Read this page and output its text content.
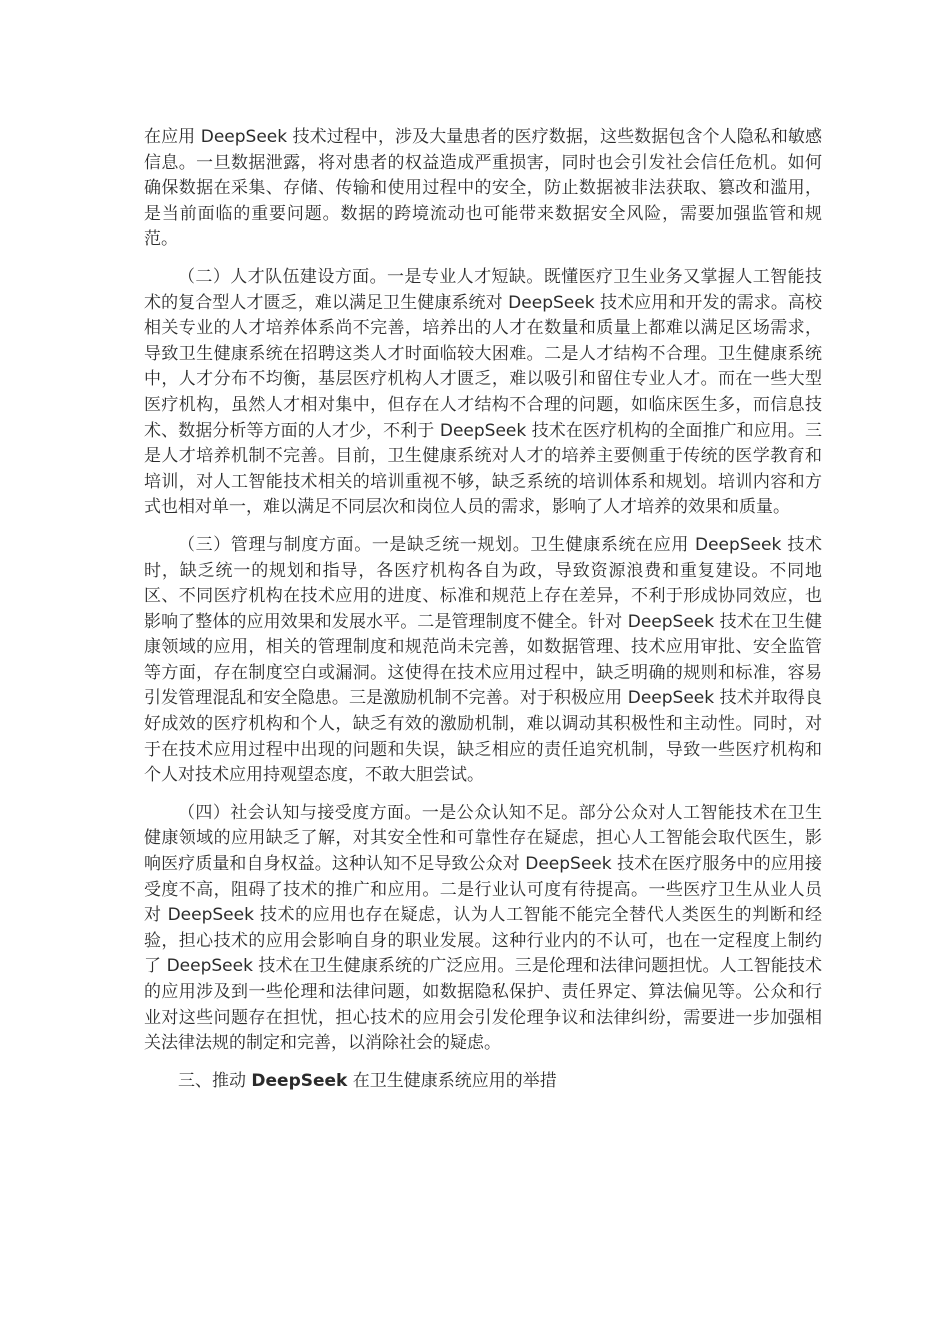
在应用 DeepSeek 技术过程中，涉及大量患者的医疗数据，这些数据包含个人隐私和敏感信息。一旦数据泄露，将对患者的权益造成严重损害，同时也会引发社会信任危机。如何确保数据在采集、存储、传输和使用过程中的安全，防止数据被非法获取、篡改和滥用，是当前面临的重要问题。数据的跨境流动也可能带来数据安全风险，需要加强监管和规范。

（二）人才队伍建设方面。一是专业人才短缺。既懂医疗卫生业务又掌握人工智能技术的复合型人才匮乏，难以满足卫生健康系统对 DeepSeek 技术应用和开发的需求。高校相关专业的人才培养体系尚不完善，培养出的人才在数量和质量上都难以满足区场需求，导致卫生健康系统在招聘这类人才时面临较大困难。二是人才结构不合理。卫生健康系统中，人才分布不均衡，基层医疗机构人才匮乏，难以吸引和留住专业人才。而在一些大型医疗机构，虽然人才相对集中，但存在人才结构不合理的问题，如临床医生多，而信息技术、数据分析等方面的人才少，不利于 DeepSeek 技术在医疗机构的全面推广和应用。三是人才培养机制不完善。目前，卫生健康系统对人才的培养主要侧重于传统的医学教育和培训，对人工智能技术相关的培训重视不够，缺乏系统的培训体系和规划。培训内容和方式也相对单一，难以满足不同层次和岗位人员的需求，影响了人才培养的效果和质量。

（三）管理与制度方面。一是缺乏统一规划。卫生健康系统在应用 DeepSeek 技术时，缺乏统一的规划和指导，各医疗机构各自为政，导致资源浪费和重复建设。不同地区、不同医疗机构在技术应用的进度、标准和规范上存在差异，不利于形成协同效应，也影响了整体的应用效果和发展水平。二是管理制度不健全。针对 DeepSeek 技术在卫生健康领域的应用，相关的管理制度和规范尚未完善，如数据管理、技术应用审批、安全监管等方面，存在制度空白或漏洞。这使得在技术应用过程中，缺乏明确的规则和标准，容易引发管理混乱和安全隐患。三是激励机制不完善。对于积极应用 DeepSeek 技术并取得良好成效的医疗机构和个人，缺乏有效的激励机制，难以调动其积极性和主动性。同时，对于在技术应用过程中出现的问题和失误，缺乏相应的责任追究机制，导致一些医疗机构和个人对技术应用持观望态度，不敢大胆尝试。

（四）社会认知与接受度方面。一是公众认知不足。部分公众对人工智能技术在卫生健康领域的应用缺乏了解，对其安全性和可靠性存在疑虑，担心人工智能会取代医生，影响医疗质量和自身权益。这种认知不足导致公众对 DeepSeek 技术在医疗服务中的应用接受度不高，阻碍了技术的推广和应用。二是行业认可度有待提高。一些医疗卫生从业人员对 DeepSeek 技术的应用也存在疑虑，认为人工智能不能完全替代人类医生的判断和经验，担心技术的应用会影响自身的职业发展。这种行业内的不认可，也在一定程度上制约了 DeepSeek 技术在卫生健康系统的广泛应用。三是伦理和法律问题担忧。人工智能技术的应用涉及到一些伦理和法律问题，如数据隐私保护、责任界定、算法偏见等。公众和行业对这些问题存在担忧，担心技术的应用会引发伦理争议和法律纠纷，需要进一步加强相关法律法规的制定和完善，以消除社会的疑虑。

三、推动 DeepSeek 在卫生健康系统应用的举措
